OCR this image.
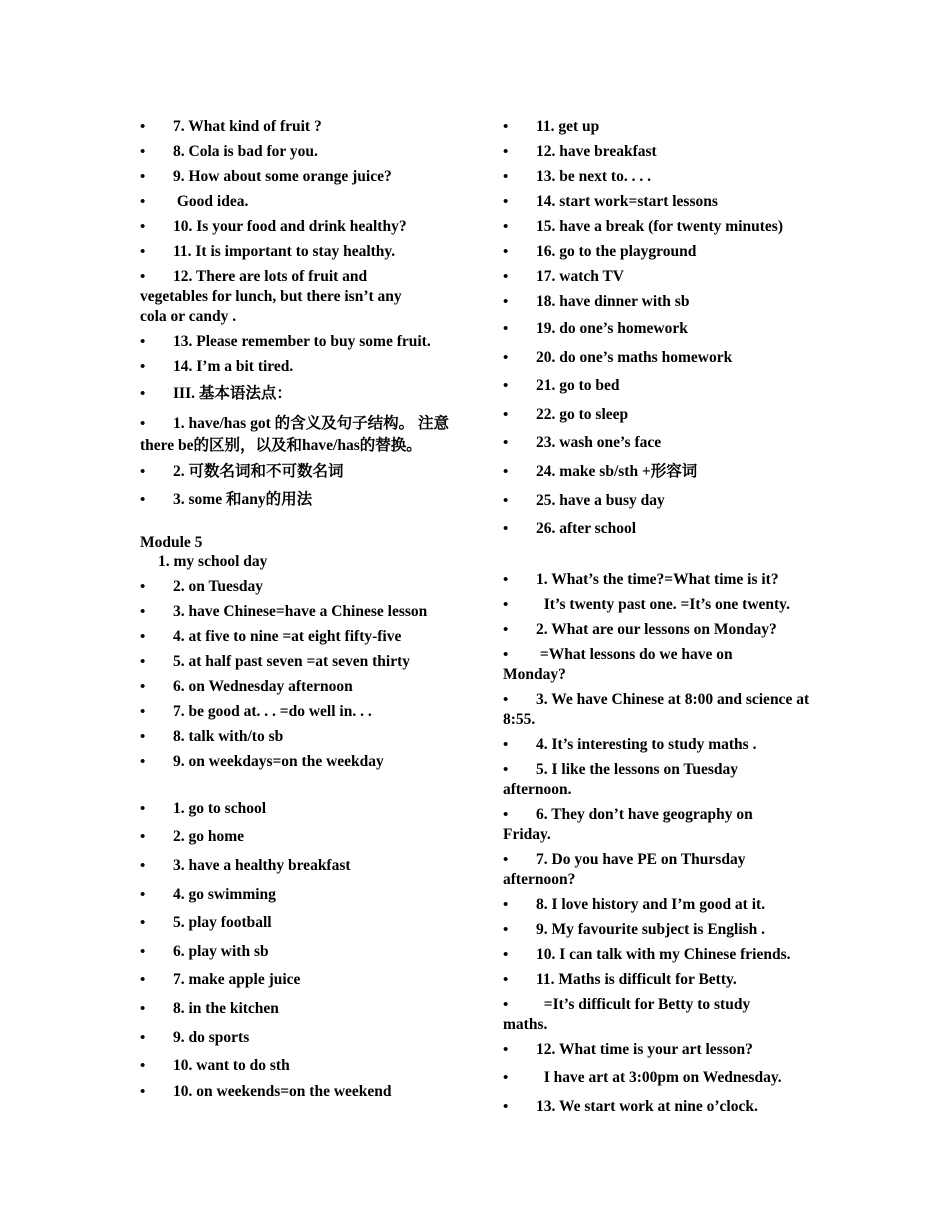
• 7. What kind of fruit ?
• 8. Cola is bad for you.
• 9. How about some orange juice?
• Good idea.
• 10. Is your food and drink healthy?
• 11. It is important to stay healthy.
• 12. There are lots of fruit and vegetables for lunch, but there isn’t any cola or candy .
• 13. Please remember to buy some fruit.
• 14. I’m a bit tired.
• III. 基本语法点：
• 1. have/has got 的含义及句子结构。 注意there be的区别，以及和have/has的替换。
• 2. 可数名词和不可数名词
• 3. some 和any的用法
Module 5
1. my school day
• 2. on Tuesday
• 3. have Chinese=have a Chinese lesson
• 4. at five to nine =at eight fifty-five
• 5. at half past seven =at seven thirty
• 6. on Wednesday afternoon
• 7. be good at. . . =do well in. . .
• 8. talk with/to sb
• 9. on weekdays=on the weekday
• 1. go to school
• 2. go home
• 3. have a healthy breakfast
• 4. go swimming
• 5. play football
• 6. play with sb
• 7. make apple juice
• 8. in the kitchen
• 9. do sports
• 10. want to do sth
• 10. on weekends=on the weekend
• 11. get up
• 12. have breakfast
• 13. be next to. . . .
• 14. start work=start lessons
• 15. have a break (for twenty minutes)
• 16. go to the playground
• 17. watch TV
• 18. have dinner with sb
• 19. do one’s homework
• 20. do one’s maths homework
• 21. go to bed
• 22. go to sleep
• 23. wash one’s face
• 24. make sb/sth +形容词
• 25. have a busy day
• 26. after school
• 1. What’s the time?=What time is it?
•  It’s twenty past one. =It’s one twenty.
• 2. What are our lessons on Monday?
• =What lessons do we have on Monday?
• 3. We have Chinese at 8:00 and science at 8:55.
• 4. It’s interesting to study maths .
• 5. I like the lessons on Tuesday afternoon.
• 6. They don’t have geography on Friday.
• 7. Do you have PE on Thursday afternoon?
• 8. I love history and I’m good at it.
• 9. My favourite subject is English .
• 10. I can talk with my Chinese friends.
• 11. Maths is difficult for Betty.
•  =It’s difficult for Betty to study maths.
• 12. What time is your art lesson?
•  I have art at 3:00pm on Wednesday.
• 13. We start work at nine o’clock.
